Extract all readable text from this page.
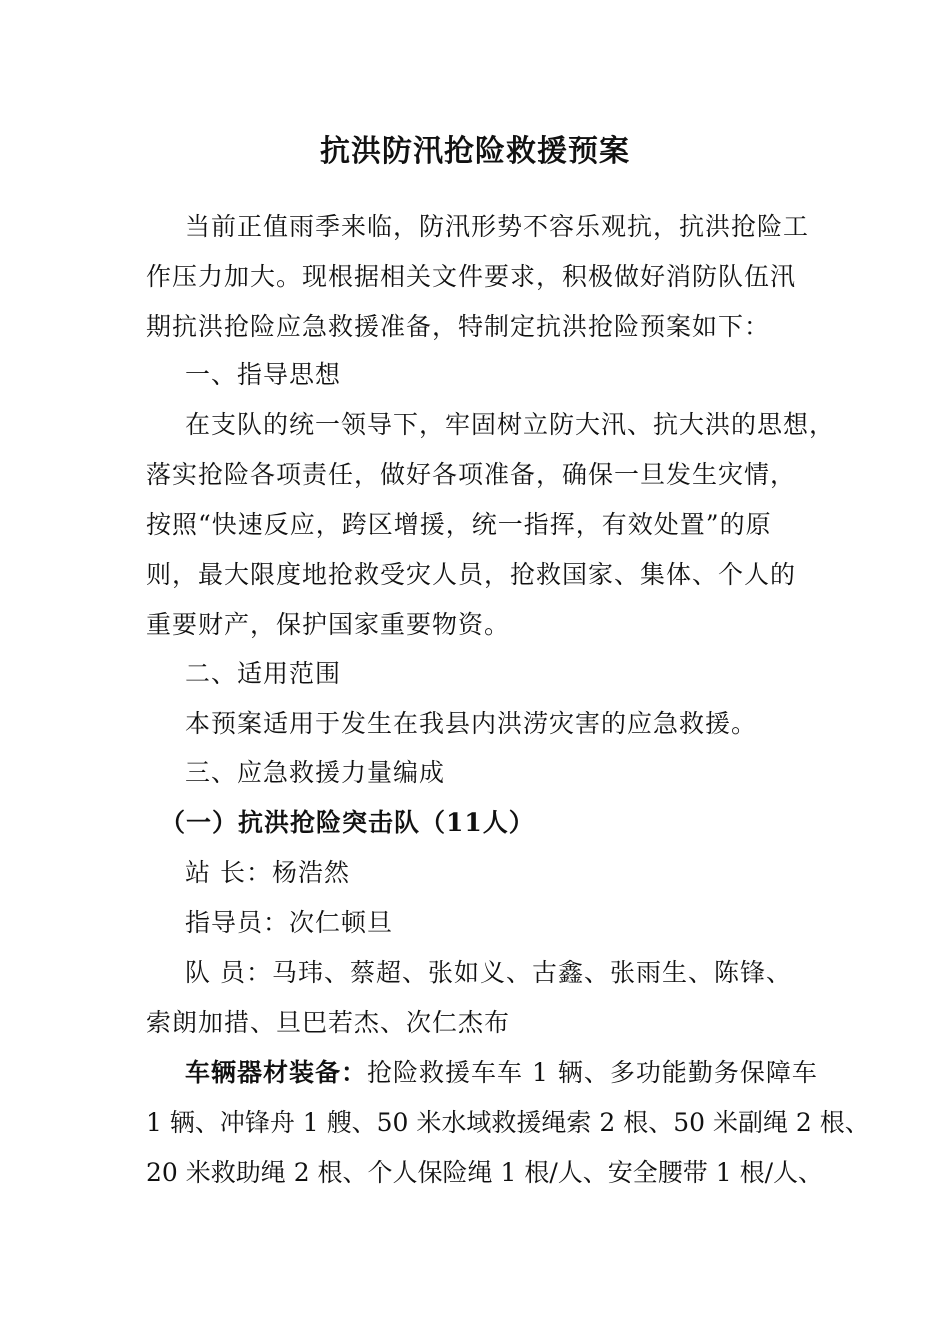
抗洪防汛抢险救援预案
当前正值雨季来临，防汛形势不容乐观抗，抗洪抢险工
作压力加大。现根据相关文件要求，积极做好消防队伍汛
期抗洪抢险应急救援准备，特制定抗洪抢险预案如下：
一、指导思想
在支队的统一领导下，牢固树立防大汛、抗大洪的思想，
落实抢险各项责任，做好各项准备，确保一旦发生灾情，
按照“快速反应，跨区增援，统一指挥，有效处置”的原
则，最大限度地抢救受灾人员，抢救国家、集体、个人的
重要财产，保护国家重要物资。
二、适用范围
本预案适用于发生在我县内洪涝灾害的应急救援。
三、应急救援力量编成
（一）抗洪抢险突击队（11人）
站 长：杨浩然
指导员：次仁顿旦
队 员：马玮、蔡超、张如义、古鑫、张雨生、陈锋、
索朗加措、旦巴若杰、次仁杰布
车辆器材装备：抢险救援车车 1 辆、多功能勤务保障车
1 辆、冲锋舟 1 艘、50 米水域救援绳索 2 根、50 米副绳 2 根、
20 米救助绳 2 根、个人保险绳 1 根/人、安全腰带 1 根/人、
